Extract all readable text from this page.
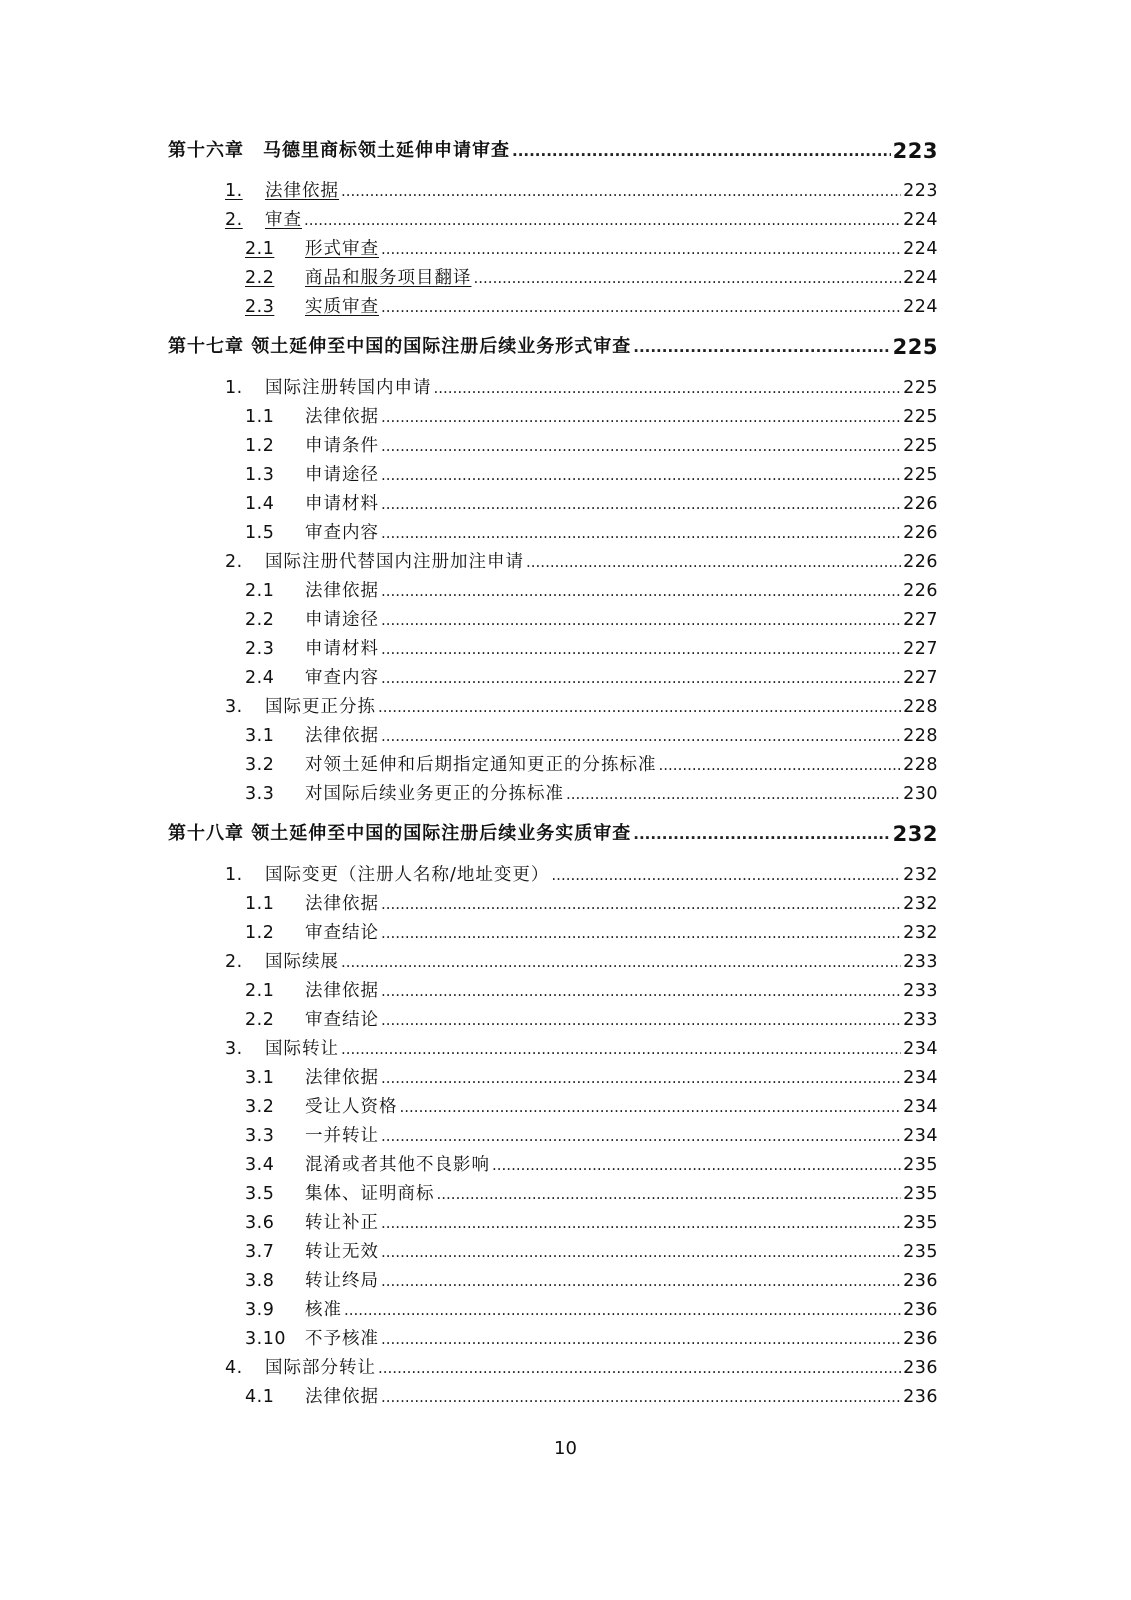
第十六章　马德里商标领土延伸申请审查 .....	223
1.	法律依据 .....	223
2.	审查 .....	224
2.1	形式审查 .....	224
2.2	商品和服务项目翻译 .....	224
2.3	实质审查 .....	224
第十七章 领土延伸至中国的国际注册后续业务形式审查 .....	225
1.	国际注册转国内申请 .....	225
1.1	法律依据 .....	225
1.2	申请条件 .....	225
1.3	申请途径 .....	225
1.4	申请材料 .....	226
1.5	审查内容 .....	226
2.	国际注册代替国内注册加注申请 .....	226
2.1	法律依据 .....	226
2.2	申请途径 .....	227
2.3	申请材料 .....	227
2.4	审查内容 .....	227
3.	国际更正分拣 .....	228
3.1	法律依据 .....	228
3.2	对领土延伸和后期指定通知更正的分拣标准 .....	228
3.3	对国际后续业务更正的分拣标准 .....	230
第十八章 领土延伸至中国的国际注册后续业务实质审查 .....	232
1.	国际变更（注册人名称/地址变更） .....	232
1.1	法律依据 .....	232
1.2	审查结论 .....	232
2.	国际续展 .....	233
2.1	法律依据 .....	233
2.2	审查结论 .....	233
3.	国际转让 .....	234
3.1	法律依据 .....	234
3.2	受让人资格 .....	234
3.3	一并转让 .....	234
3.4	混淆或者其他不良影响 .....	235
3.5	集体、证明商标 .....	235
3.6	转让补正 .....	235
3.7	转让无效 .....	235
3.8	转让终局 .....	236
3.9	核准 .....	236
3.10	不予核准 .....	236
4.	国际部分转让 .....	236
4.1	法律依据 .....	236
10
